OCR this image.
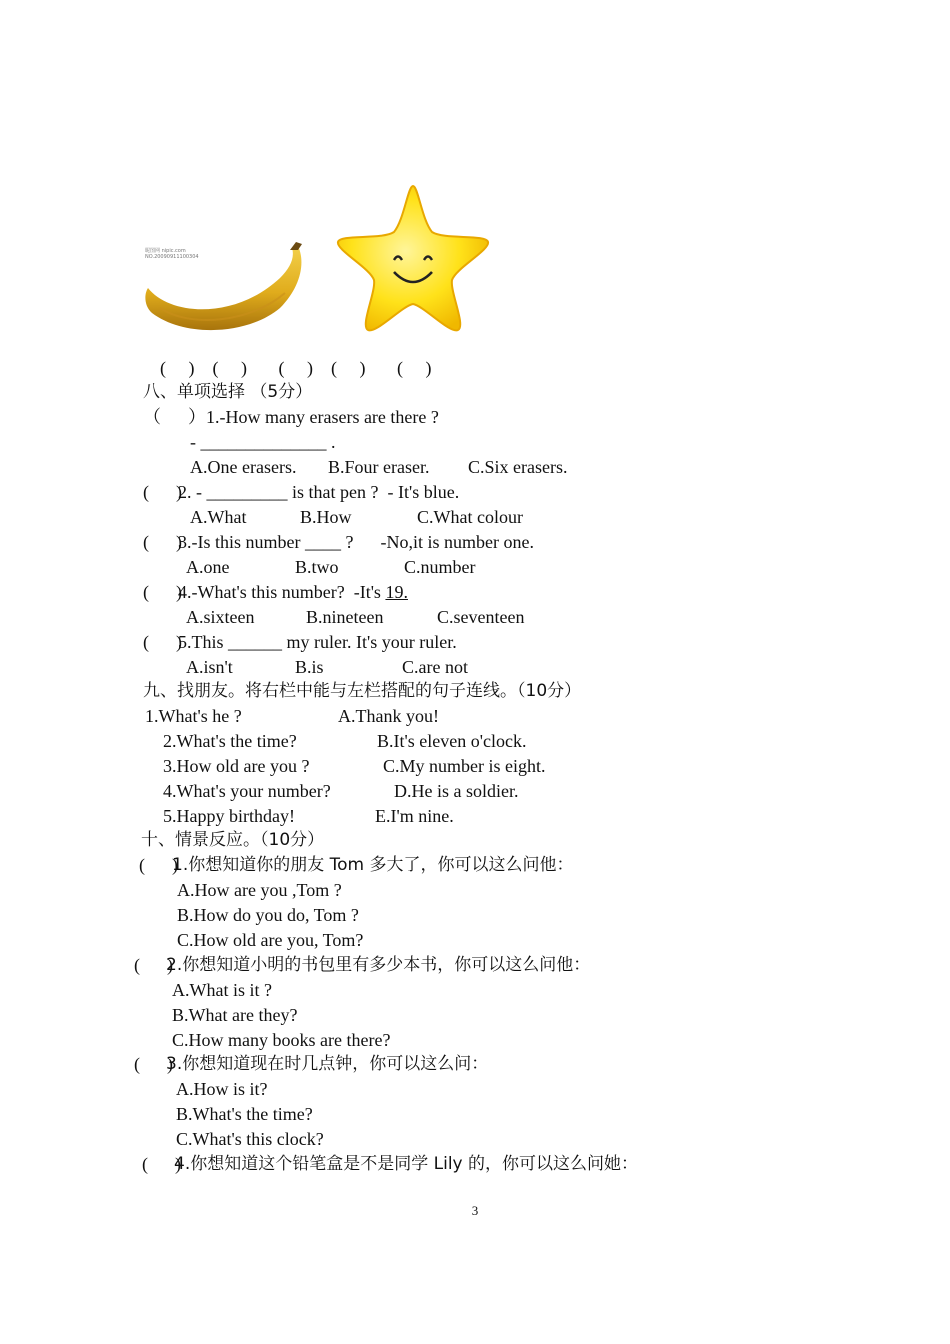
昵图网 nipic.com
NO.20090911100304
(     )    (     )       (     )    (     )       (     )
八、单项选择 （5分）
（      ）1.-How many erasers are there ?
- ______________ .
A.One erasers. B.Four eraser. C.Six erasers.
(      )
2. - _________ is that pen ?  - It's blue.
A.What	B.How	C.What colour
(      )
3.-Is this number ____ ?      -No,it is number one.
A.one	B.two	C.number
(      )
4.-What's this number?  -It's 19.
A.sixteen	B.nineteen	C.seventeen
(      )
5.This ______ my ruler. It's your ruler.
A.isn't	B.is	C.are not
九、找朋友。将右栏中能与左栏搭配的句子连线。（10分）
1.What's he ?	A.Thank you!
2.What's the time?	B.It's eleven o'clock.
3.How old are you ?	C.My number is eight.
4.What's your number?	D.He is a soldier.
5.Happy birthday!	E.I'm nine.
十、情景反应。（10分）
(      )
1.你想知道你的朋友 Tom 多大了，你可以这么问他：
A.How are you ,Tom ?
B.How do you do, Tom ?
C.How old are you, Tom?
(      )
2.你想知道小明的书包里有多少本书，你可以这么问他：
A.What is it ?
B.What are they?
C.How many books are there?
(      )
3.你想知道现在时几点钟，你可以这么问：
A.How is it?
B.What's the time?
C.What's this clock?
(      )
4.你想知道这个铅笔盒是不是同学 Lily 的，你可以这么问她：
3
